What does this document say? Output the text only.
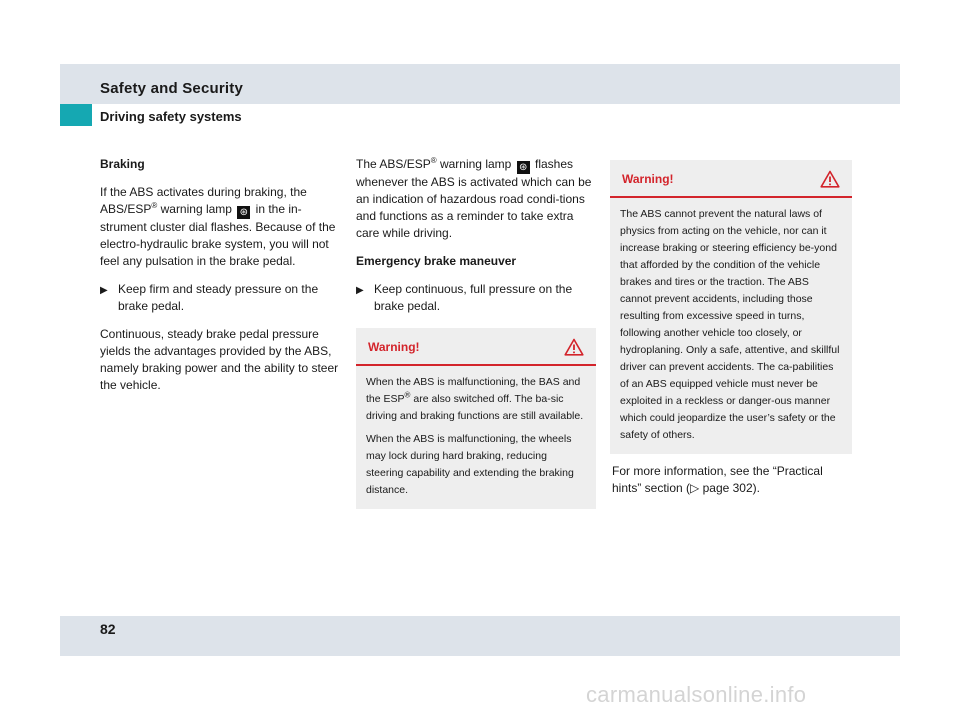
Safety and Security
Driving safety systems

Braking

If the ABS activates during braking, the ABS/ESP® warning lamp ⊛ in the in-strument cluster dial flashes. Because of the electro-hydraulic brake system, you will not feel any pulsation in the brake pedal.

▶ Keep firm and steady pressure on the brake pedal.

Continuous, steady brake pedal pressure yields the advantages provided by the ABS, namely braking power and the ability to steer the vehicle.

The ABS/ESP® warning lamp ⊛ flashes whenever the ABS is activated which can be an indication of hazardous road condi-tions and functions as a reminder to take extra care while driving.

Emergency brake maneuver

▶ Keep continuous, full pressure on the brake pedal.
Warning!

When the ABS is malfunctioning, the BAS and the ESP® are also switched off. The ba-sic driving and braking functions are still available.

When the ABS is malfunctioning, the wheels may lock during hard braking, reducing steering capability and extending the braking distance.

Warning!

The ABS cannot prevent the natural laws of physics from acting on the vehicle, nor can it increase braking or steering efficiency be-yond that afforded by the condition of the vehicle brakes and tires or the traction. The ABS cannot prevent accidents, including those resulting from excessive speed in turns, following another vehicle too closely, or hydroplaning. Only a safe, attentive, and skillful driver can prevent accidents. The ca-pabilities of an ABS equipped vehicle must never be exploited in a reckless or danger-ous manner which could jeopardize the user’s safety or the safety of others.

For more information, see the “Practical hints” section (▷ page 302).

82
carmanualsonline.info
